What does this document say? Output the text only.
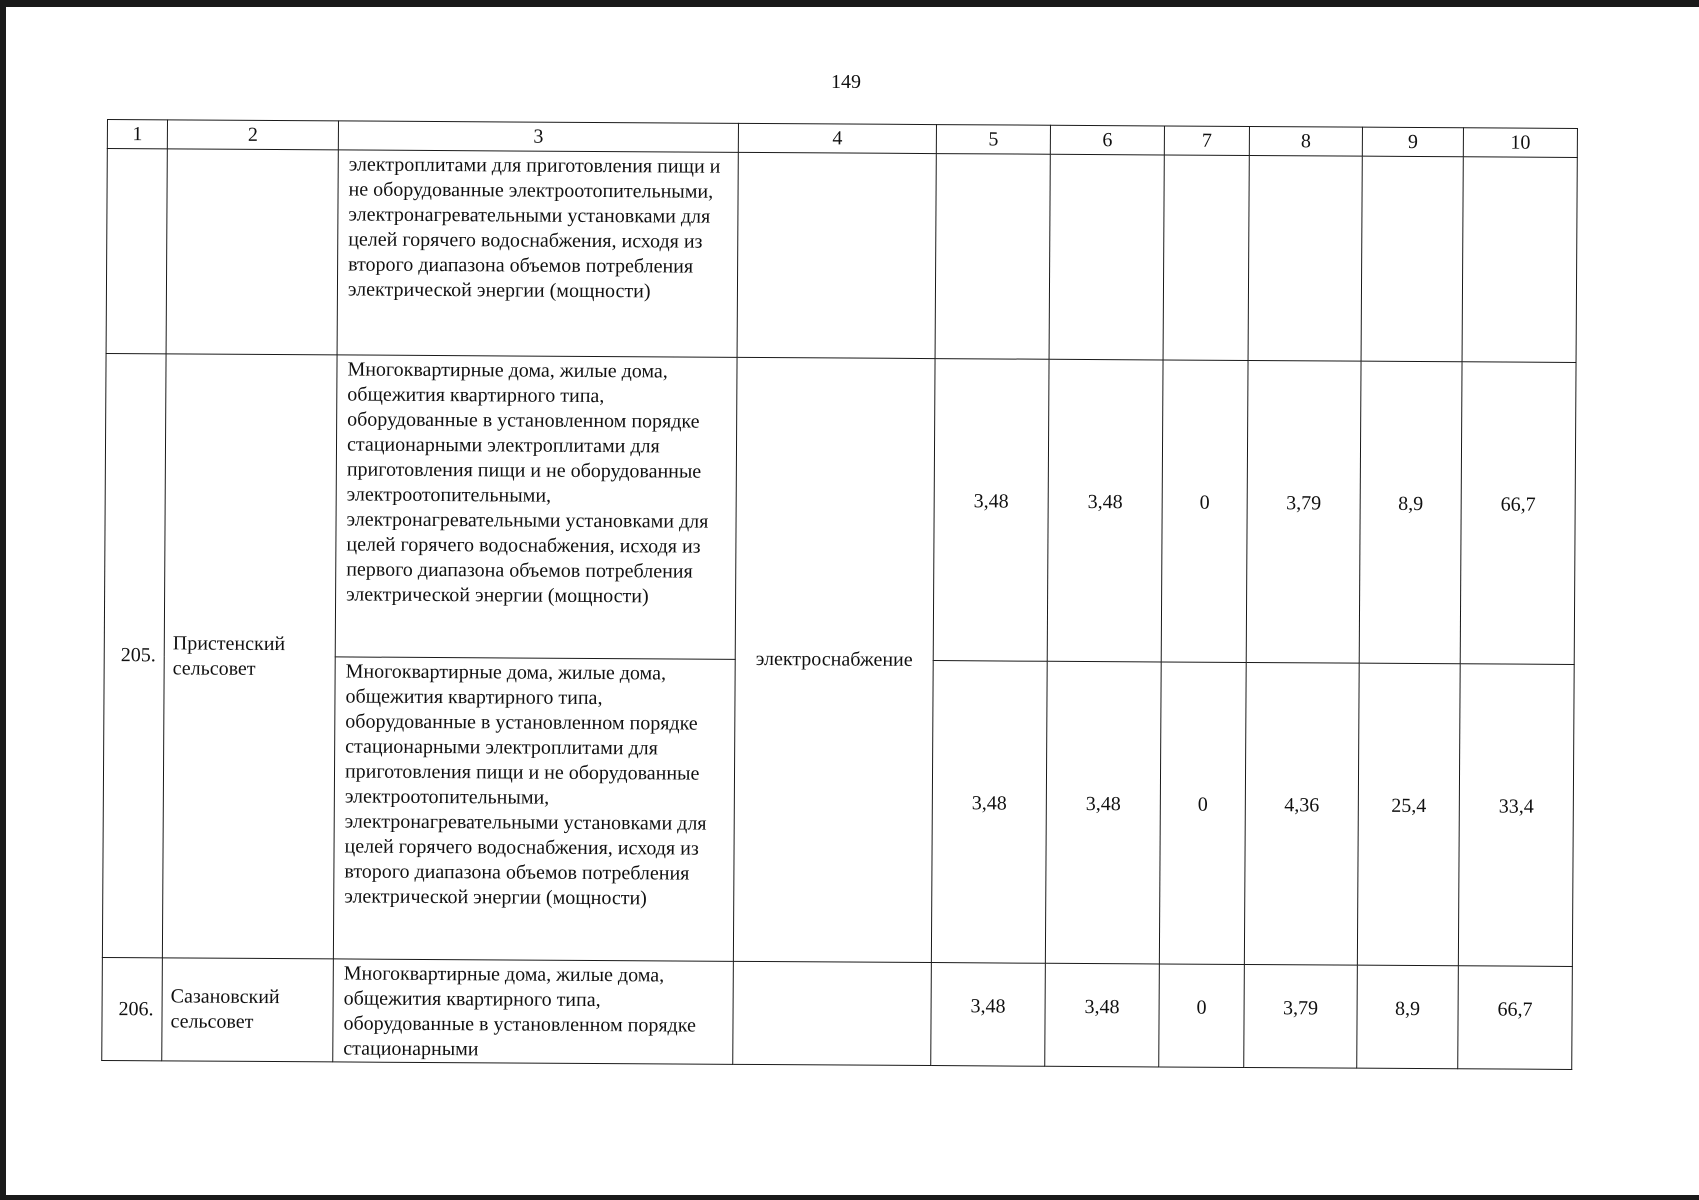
149
1	2	3	4	5	6	7	8	9	10
		электроплитами для приготовления пищи и не оборудованные электроотопительными, электронагревательными установками для целей горячего водоснабжения, исходя из второго диапазона объемов потребления электрической энергии (мощности)							
205.	Пристенский сельсовет	Многоквартирные дома, жилые дома, общежития квартирного типа, оборудованные в установленном порядке стационарными электроплитами для приготовления пищи и не оборудованные электроотопительными, электронагревательными установками для целей горячего водоснабжения, исходя из первого диапазона объемов потребления электрической энергии (мощности)	электроснабжение	3,48	3,48	0	3,79	8,9	66,7

		Многоквартирные дома, жилые дома, общежития квартирного типа, оборудованные в установленном порядке стационарными электроплитами для приготовления пищи и не оборудованные электроотопительными, электронагревательными установками для целей горячего водоснабжения, исходя из второго диапазона объемов потребления электрической энергии (мощности)		3,48	3,48	0	4,36	25,4	33,4

206.	Сазановский сельсовет	Многоквартирные дома, жилые дома, общежития квартирного типа, оборудованные в установленном порядке стационарными		3,48	3,48	0	3,79	8,9	66,7
